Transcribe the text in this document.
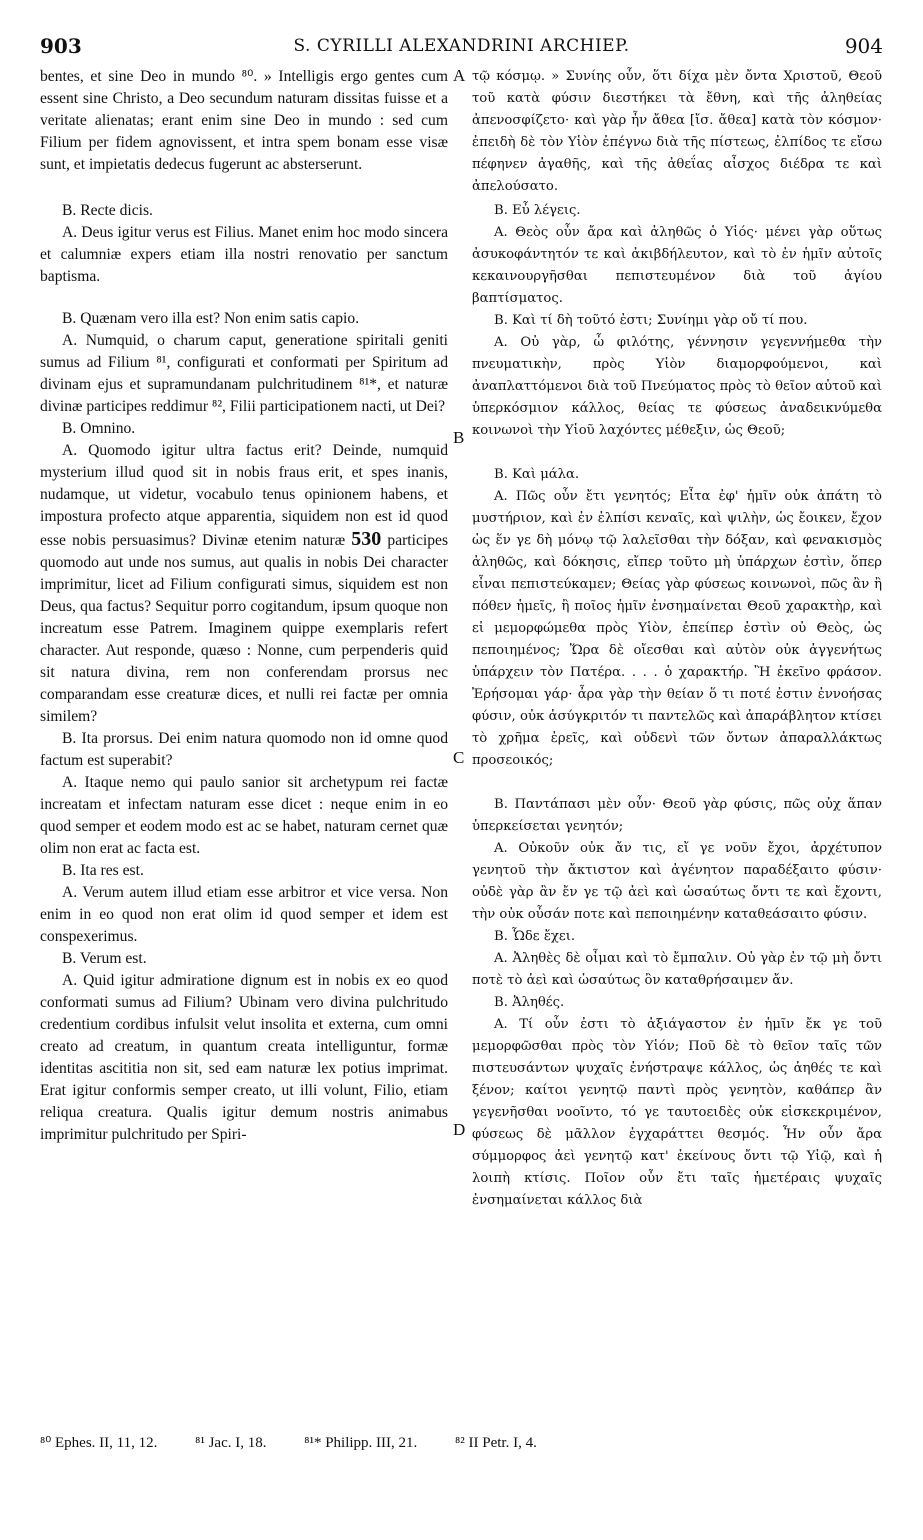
903	S. CYRILLI ALEXANDRINI ARCHIEP.	904

bentes, et sine Deo in mundo ⁸⁰. » Intelligis ergo gentes cum essent sine Christo, a Deo secundum naturam dissitas fuisse et a veritate alienatas; erant enim sine Deo in mundo : sed cum Filium per fidem agnovissent, et intra spem bonam esse visæ sunt, et impietatis dedecus fugerunt ac absterserunt.

B. Recte dicis.

A. Deus igitur verus est Filius. Manet enim hoc modo sincera et calumniæ expers etiam illa nostri renovatio per sanctum baptisma.

B. Quænam vero illa est? Non enim satis capio.

A. Numquid, o charum caput, generatione spiritali geniti sumus ad Filium ⁸¹, configurati et conformati per Spiritum ad divinam ejus et supramundanam pulchritudinem ⁸¹*, et naturæ divinæ participes reddimur ⁸², Filii participationem nacti, ut Dei?

B. Omnino.

A. Quomodo igitur ultra factus erit? Deinde, numquid mysterium illud quod sit in nobis fraus erit, et spes inanis, nudamque, ut videtur, vocabulo tenus opinionem habens, et impostura profecto atque apparentia, siquidem non est id quod esse nobis persuasimus? Divinæ etenim naturæ 530 participes quomodo aut unde nos sumus, aut qualis in nobis Dei character imprimitur, licet ad Filium configurati simus, siquidem est non Deus, qua factus? Sequitur porro cogitandum, ipsum quoque non increatum esse Patrem. Imaginem quippe exemplaris refert character. Aut responde, quæso : Nonne, cum perpenderis quid sit natura divina, rem non conferendam prorsus nec comparandam esse creaturæ dices, et nulli rei factæ per omnia similem?

B. Ita prorsus. Dei enim natura quomodo non id omne quod factum est superabit?

A. Itaque nemo qui paulo sanior sit archetypum rei factæ increatam et infectam naturam esse dicet : neque enim in eo quod semper et eodem modo est ac se habet, naturam cernet quæ olim non erat ac facta est.

B. Ita res est.

A. Verum autem illud etiam esse arbitror et vice versa. Non enim in eo quod non erat olim id quod semper et idem est conspexerimus.

B. Verum est.

A. Quid igitur admiratione dignum est in nobis ex eo quod conformati sumus ad Filium? Ubinam vero divina pulchritudo credentium cordibus infulsit velut insolita et externa, cum omni creato ad creatum, in quantum creata intelliguntur, formæ identitas ascititia non sit, sed eam naturæ lex potius imprimat. Erat igitur conformis semper creato, ut illi volunt, Filio, etiam reliqua creatura. Qualis igitur demum nostris animabus imprimitur pulchritudo per Spiri-

A
B
C
D

τῷ κόσμῳ. » Συνίης οὖν, ὅτι δίχα μὲν ὄντα Χριστοῦ, Θεοῦ τοῦ κατὰ φύσιν διεστήκει τὰ ἔθνη, καὶ τῆς ἀληθείας ἀπενοσφίζετο· καὶ γὰρ ἦν ἄθεα [ἴσ. ἄθεα] κατὰ τὸν κόσμον· ἐπειδὴ δὲ τὸν Υἱὸν ἐπέγνω διὰ τῆς πίστεως, ἐλπίδος τε εἴσω πέφηνεν ἀγαθῆς, καὶ τῆς ἀθεΐας αἶσχος διέδρα τε καὶ ἀπελούσατο.

Β. Εὖ λέγεις.

Α. Θεὸς οὖν ἄρα καὶ ἀληθῶς ὁ Υἱός· μένει γὰρ οὕτως ἀσυκοφάντητόν τε καὶ ἀκιβδήλευτον, καὶ τὸ ἐν ἡμῖν αὐτοῖς κεκαινουργῆσθαι πεπιστευμένον διὰ τοῦ ἁγίου βαπτίσματος.

Β. Καὶ τί δὴ τοῦτό ἐστι; Συνίημι γὰρ οὔ τί που.

Α. Οὐ γὰρ, ὦ φιλότης, γέννησιν γεγεννήμεθα τὴν πνευματικὴν, πρὸς Υἱὸν διαμορφούμενοι, καὶ ἀναπλαττόμενοι διὰ τοῦ Πνεύματος πρὸς τὸ θεῖον αὐτοῦ καὶ ὑπερκόσμιον κάλλος, θείας τε φύσεως ἀναδεικνύμεθα κοινωνοὶ τὴν Υἱοῦ λαχόντες μέθεξιν, ὡς Θεοῦ;

Β. Καὶ μάλα.

Α. Πῶς οὖν ἔτι γενητός; Εἶτα ἐφ' ἡμῖν οὐκ ἀπάτη τὸ μυστήριον, καὶ ἐν ἐλπίσι κεναῖς, καὶ ψιλὴν, ὡς ἔοικεν, ἔχον ὡς ἕν γε δὴ μόνῳ τῷ λαλεῖσθαι τὴν δόξαν, καὶ φενακισμὸς ἀληθῶς, καὶ δόκησις, εἴπερ τοῦτο μὴ ὑπάρχων ἐστὶν, ὅπερ εἶναι πεπιστεύκαμεν; Θείας γὰρ φύσεως κοινωνοὶ, πῶς ἂν ἢ πόθεν ἡμεῖς, ἢ ποῖος ἡμῖν ἐνσημαίνεται Θεοῦ χαρακτὴρ, καὶ εἰ μεμορφώμεθα πρὸς Υἱὸν, ἐπείπερ ἐστὶν οὐ Θεὸς, ὡς πεποιημένος; Ὥρα δὲ οἴεσθαι καὶ αὐτὸν οὐκ ἀγγενήτως ὑπάρχειν τὸν Πατέρα. . . . ὁ χαρακτήρ. Ἢ ἐκεῖνο φράσον. Ἐρήσομαι γάρ· ἆρα γὰρ τὴν θείαν ὅ τι ποτέ ἐστιν ἐννοήσας φύσιν, οὐκ ἀσύγκριτόν τι παντελῶς καὶ ἀπαράβλητον κτίσει τὸ χρῆμα ἐρεῖς, καὶ οὐδενὶ τῶν ὄντων ἀπαραλλάκτως προσεοικός;

Β. Παντάπασι μὲν οὖν· Θεοῦ γὰρ φύσις, πῶς οὐχ ἅπαν ὑπερκείσεται γενητόν;

Α. Οὐκοῦν οὐκ ἄν τις, εἴ γε νοῦν ἔχοι, ἀρχέτυπον γενητοῦ τὴν ἄκτιστον καὶ ἀγένητον παραδέξαιτο φύσιν· οὐδὲ γὰρ ἂν ἔν γε τῷ ἀεὶ καὶ ὡσαύτως ὄντι τε καὶ ἔχοντι, τὴν οὐκ οὖσάν ποτε καὶ πεποιημένην καταθεάσαιτο φύσιν.

Β. Ὧδε ἔχει.

Α. Ἀληθὲς δὲ οἶμαι καὶ τὸ ἔμπαλιν. Οὐ γὰρ ἐν τῷ μὴ ὄντι ποτὲ τὸ ἀεὶ καὶ ὡσαύτως ὂν καταθρήσαιμεν ἄν.

Β. Ἀληθές.

Α. Τί οὖν ἐστι τὸ ἀξιάγαστον ἐν ἡμῖν ἔκ γε τοῦ μεμορφῶσθαι πρὸς τὸν Υἱόν; Ποῦ δὲ τὸ θεῖον ταῖς τῶν πιστευσάντων ψυχαῖς ἐνήστραψε κάλλος, ὡς ἀηθές τε καὶ ξένον; καίτοι γενητῷ παντὶ πρὸς γενητὸν, καθάπερ ἂν γεγενῆσθαι νοοῖντο, τό γε ταυτοειδὲς οὐκ εἰσκεκριμένον, φύσεως δὲ μᾶλλον ἐγχαράττει θεσμός. Ἦν οὖν ἄρα σύμμορφος ἀεὶ γενητῷ κατ' ἐκείνους ὄντι τῷ Υἱῷ, καὶ ἡ λοιπὴ κτίσις. Ποῖον οὖν ἔτι ταῖς ἡμετέραις ψυχαῖς ἐνσημαίνεται κάλλος διὰ

⁸⁰ Ephes. II, 11, 12.	⁸¹ Jac. I, 18.	⁸¹* Philipp. III, 21.	⁸² II Petr. I, 4.
